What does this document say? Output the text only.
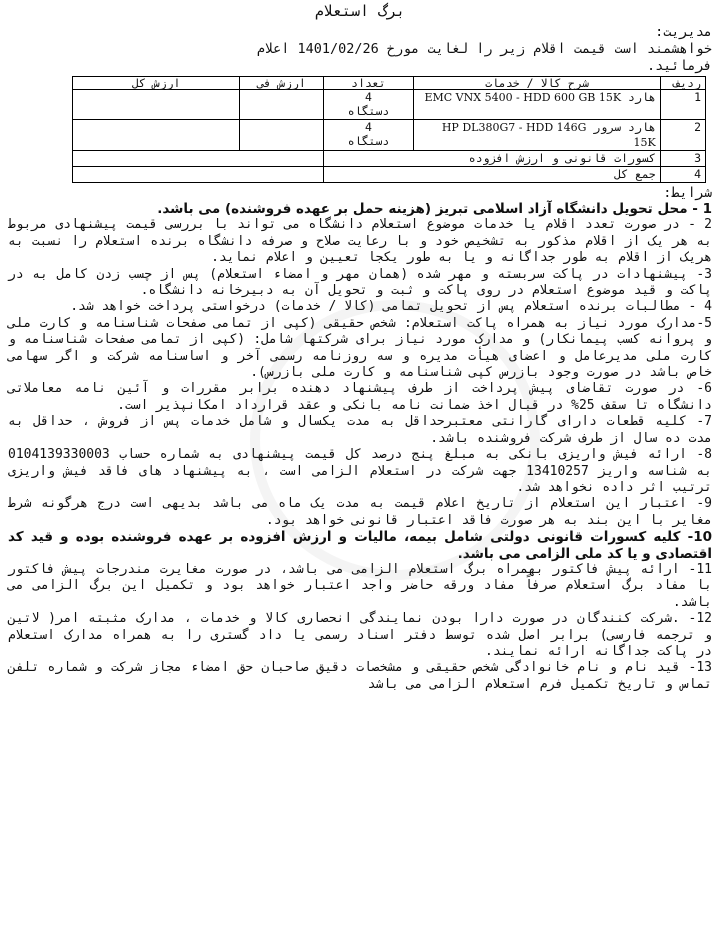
برگ استعلام
مدیریت:
خواهشمند است قیمت اقلام زیر را لغایت مورخ 1401/02/26 اعلام
فرمائید.
ردیف	شرح کالا / خدمات	تعداد	ارزش فی	ارزش کل
1	هارد EMC VNX 5400 - HDD 600 GB 15K	4
دستگاه		

2	هارد سرور HP DL380G7 - HDD 146G 15K	4
دستگاه		

3	کسورات قانونی و ارزش افزوده			
4	جمع کل			
شرایط:
1 - محل تحویل دانشگاه آزاد اسلامی تبریز (هزینه حمل بر عهده فروشنده) می باشد.
2 - در صورت تعدد اقلام یا خدمات موضوع استعلام دانشگاه می تواند با بررسی قیمت پیشنهادی مربوط به هر یک از اقلام مذکور به تشخیص خود و با رعایت صلاح و صرفه دانشگاه برنده استعلام را نسبت به هریک از اقلام به طور جداگانه و یا به طور یکجا تعیین و اعلام نماید.
3- پیشنهادات در پاکت سربسته و مهر شده (همان مهر و امضاء استعلام) پس از چسب زدن کامل به در پاکت و قید موضوع استعلام در روی پاکت و ثبت و تحویل آن به دبیرخانه دانشگاه.
4 - مطالبات برنده استعلام پس از تحویل تمامی (کالا / خدمات) درخواستی پرداخت خواهد شد.
5-مدارک مورد نیاز به همراه پاکت استعلام: شخص حقیقی (کپی از تمامی صفحات شناسنامه و کارت ملی و پروانه کسب پیمانکار) و مدارک مورد نیاز برای شرکتها شامل: (کپی از تمامی صفحات شناسنامه و کارت ملی مدیرعامل و اعضای هیأت مدیره و سه روزنامه رسمی آخر و اساسنامه شرکت و اگر سهامی خاص باشد در صورت وجود بازرس کپی شناسنامه و کارت ملی بازرس).
6- در صورت تقاضای پیش پرداخت از طرف پیشنهاد دهنده برابر مقررات و آئین نامه معاملاتی دانشگاه تا سقف 25% در قبال اخذ ضمانت نامه بانکی و عقد قرارداد امکانپذیر است.
7- کلیه قطعات دارای گارانتی معتبرحداقل به مدت یکسال و شامل خدمات پس از فروش ، حداقل به مدت ده سال از طرف شرکت فروشنده باشد.
8- ارائه فیش واریزی بانکی به مبلغ پنج درصد کل قیمت پیشنهادی به شماره حساب 0104139330003 به شناسه واریز 13410257 جهت شرکت در استعلام الزامی است ، به پیشنهاد های فاقد فیش واریزی ترتیب اثر داده نخواهد شد.
9- اعتبار این استعلام از تاریخ اعلام قیمت به مدت یک ماه می باشد بدیهی است درج هرگونه شرط مغایر با این بند به هر صورت فاقد اعتبار قانونی خواهد بود.
10- کلیه کسورات قانونی دولتی شامل بیمه، مالیات و ارزش افزوده بر عهده فروشنده بوده و قید کد اقتصادی و یا کد ملی الزامی می باشد.
11- ارائه پیش فاکتور بهمراه برگ استعلام الزامی می باشد، در صورت مغایرت مندرجات پیش فاکتور با مفاد برگ استعلام صرفاً مفاد ورقه حاضر واجد اعتبار خواهد بود و تکمیل این برگ الزامی می باشد.
12- .شرکت کنندگان در صورت دارا بودن نمایندگی انحصاری کالا و خدمات ، مدارک مثبته امر( لاتین و ترجمه فارسی) برابر اصل شده توسط دفتر اسناد رسمی یا داد گستری را به همراه مدارک استعلام در پاکت جداگانه ارائه نمایند.
13- قید نام و نام خانوادگی شخص حقیقی و مشخصات دقیق صاحبان حق امضاء مجاز شرکت و شماره تلفن تماس و تاریخ تکمیل فرم استعلام الزامی می باشد
